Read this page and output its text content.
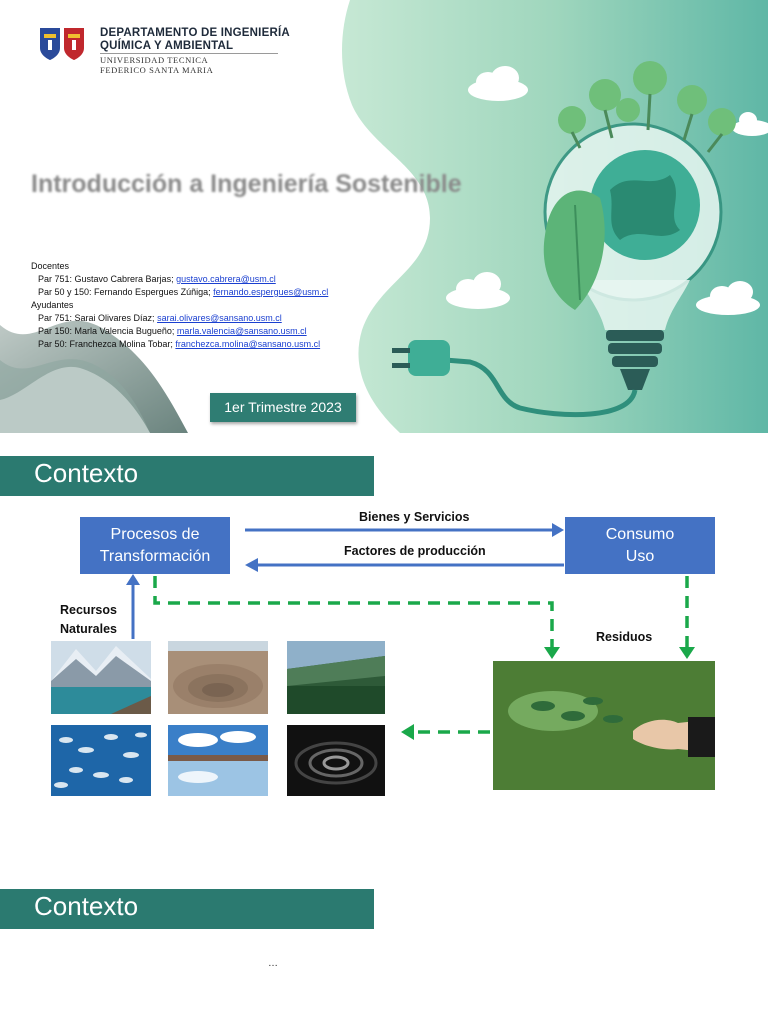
DEPARTAMENTO DE INGENIERÍA
QUÍMICA Y AMBIENTAL
UNIVERSIDAD TECNICA
FEDERICO SANTA MARIA
Introducción a Ingeniería Sostenible
Docentes
Par 751: Gustavo Cabrera Barjas; gustavo.cabrera@usm.cl
Par 50 y 150: Fernando Espergues Zúñiga; fernando.espergues@usm.cl
Ayudantes
Par 751: Sarai Olivares Díaz; sarai.olivares@sansano.usm.cl
Par 150: Marla Valencia Bugueño; marla.valencia@sansano.usm.cl
Par 50: Franchezca Molina Tobar; franchezca.molina@sansano.usm.cl
1er Trimestre 2023
Contexto
Procesos de
Transformación
Consumo
Uso
Bienes y Servicios
Factores de producción
Recursos
Naturales
Residuos
Contexto
…
